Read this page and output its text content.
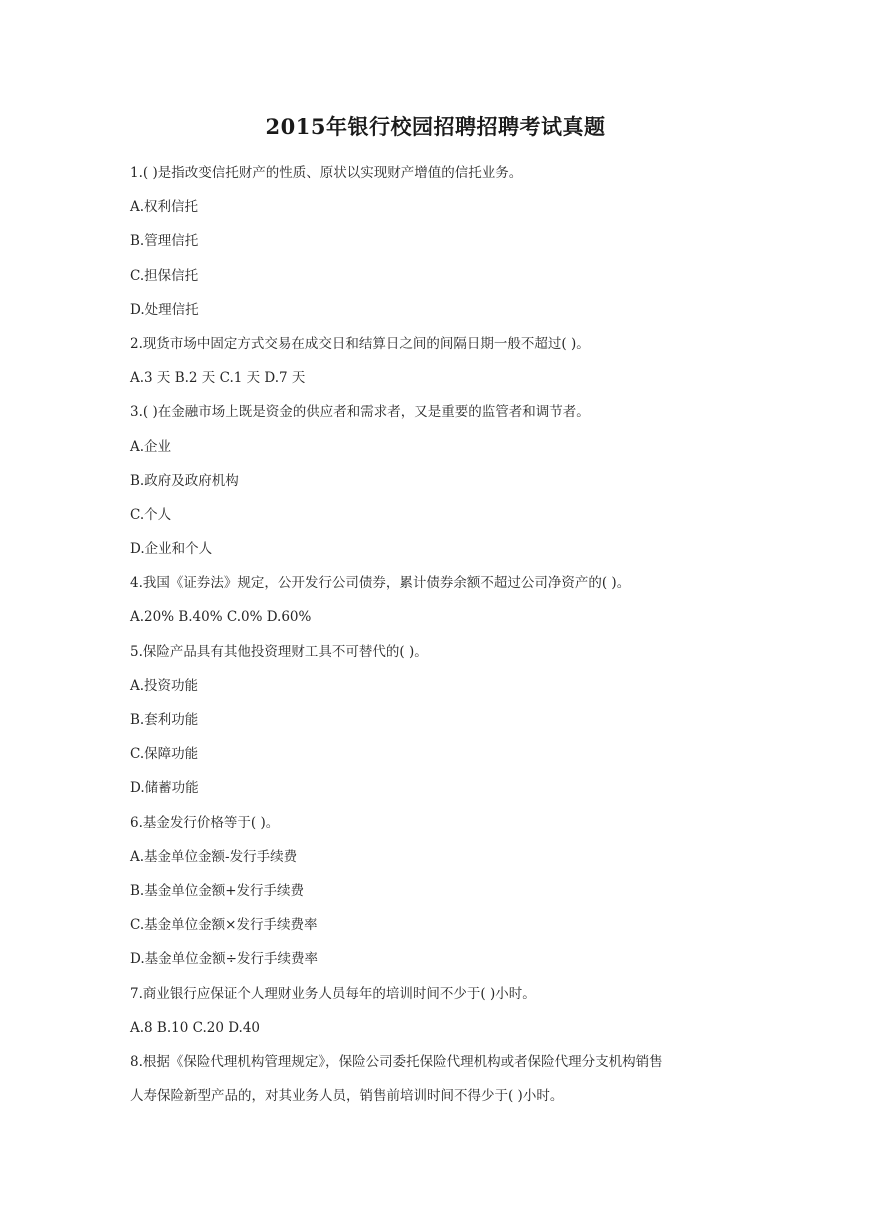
2015年银行校园招聘招聘考试真题
1.( )是指改变信托财产的性质、原状以实现财产增值的信托业务。
A.权利信托
B.管理信托
C.担保信托
D.处理信托
2.现货市场中固定方式交易在成交日和结算日之间的间隔日期一般不超过( )。
A.3 天 B.2 天 C.1 天 D.7 天
3.( )在金融市场上既是资金的供应者和需求者，又是重要的监管者和调节者。
A.企业
B.政府及政府机构
C.个人
D.企业和个人
4.我国《证券法》规定，公开发行公司债券，累计债券余额不超过公司净资产的( )。
A.20% B.40% C.0% D.60%
5.保险产品具有其他投资理财工具不可替代的( )。
A.投资功能
B.套利功能
C.保障功能
D.储蓄功能
6.基金发行价格等于( )。
A.基金单位金额-发行手续费
B.基金单位金额+发行手续费
C.基金单位金额×发行手续费率
D.基金单位金额÷发行手续费率
7.商业银行应保证个人理财业务人员每年的培训时间不少于( )小时。
A.8 B.10 C.20 D.40
8.根据《保险代理机构管理规定》，保险公司委托保险代理机构或者保险代理分支机构销售
人寿保险新型产品的，对其业务人员，销售前培训时间不得少于( )小时。
